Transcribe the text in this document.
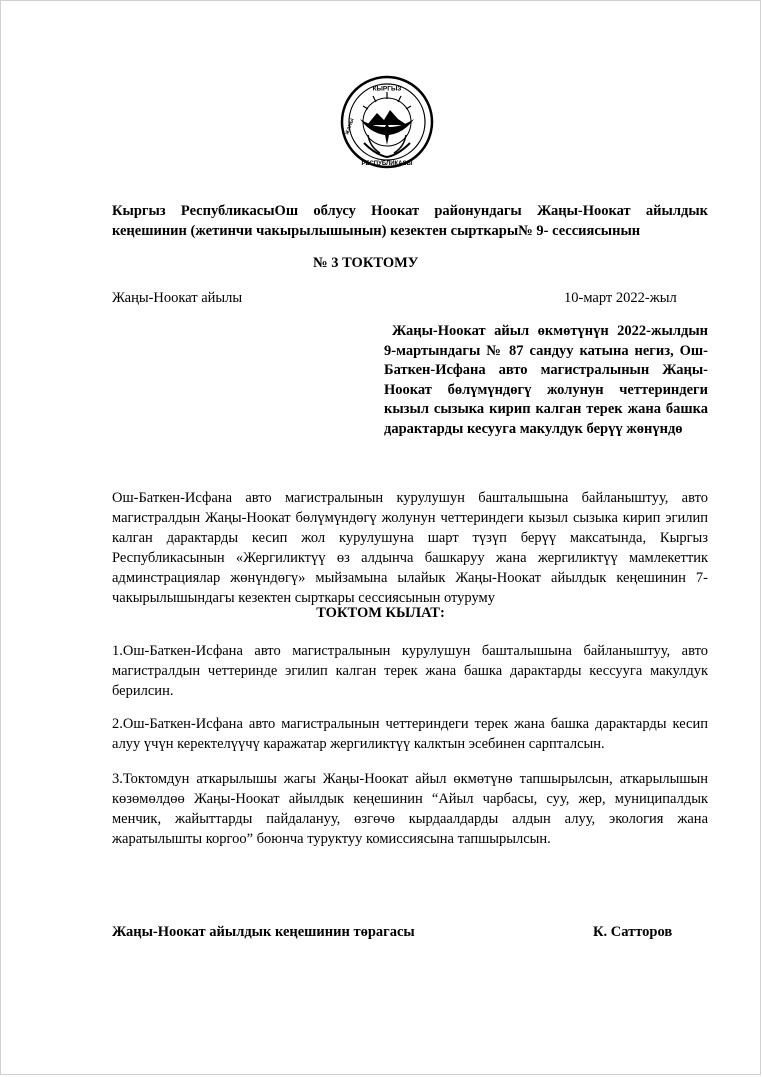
КЫРГЫЗ
РЕСПУБЛИКАСЫ
ЖАНЫ
Кыргыз РеспубликасыОш облусу Ноокат районундагы Жаңы-Ноокат айылдык кеңешинин (жетинчи чакырылышынын) кезектен сырткары№ 9- сессиясынын
№ 3 ТОКТОМУ
Жаңы-Ноокат айылы	10-март 2022-жыл
Жаңы-Ноокат айыл өкмөтүнүн 2022-жылдын 9-мартындагы № 87 сандуу катына негиз, Ош-Баткен-Исфана авто магистралынын Жаңы-Ноокат бөлүмүндөгү жолунун четтериндеги кызыл сызыка кирип калган терек жана башка дарактарды кесууга макулдук берүү жөнүндө
Ош-Баткен-Исфана авто магистралынын курулушун башталышына байланыштуу, авто магистралдын Жаңы-Ноокат бөлүмүндөгү жолунун четтериндеги кызыл сызыка кирип эгилип калган дарактарды кесип жол курулушуна шарт түзүп берүү максатында, Кыргыз Республикасынын «Жергиликтүү өз алдынча башкаруу жана жергиликтүү мамлекеттик админстрациялар жөнүндөгү» мыйзамына ылайык Жаңы-Ноокат айылдык кеңешинин 7-чакырылышындагы кезектен сырткары сессиясынын отуруму
ТОКТОМ КЫЛАТ:
1.Ош-Баткен-Исфана авто магистралынын курулушун башталышына байланыштуу, авто магистралдын четтеринде эгилип калган терек жана башка дарактарды кессууга макулдук берилсин.
2.Ош-Баткен-Исфана авто магистралынын четтериндеги терек жана башка дарактарды кесип алуу үчүн керектелүүчү каражатар жергиликтүү калктын эсебинен сарпталсын.
3.Токтомдун аткарылышы жагы Жаңы-Ноокат айыл өкмөтүнө тапшырылсын, аткарылышын көзөмөлдөө Жаңы-Ноокат айылдык кеңешинин “Айыл чарбасы, суу, жер, муниципалдык менчик, жайыттарды пайдалануу, өзгөчө кырдаалдарды алдын алуу, экология жана жаратылышты коргоо” боюнча туруктуу комиссиясына тапшырылсын.
Жаңы-Ноокат айылдык кеңешинин төрагасы	К. Сатторов
